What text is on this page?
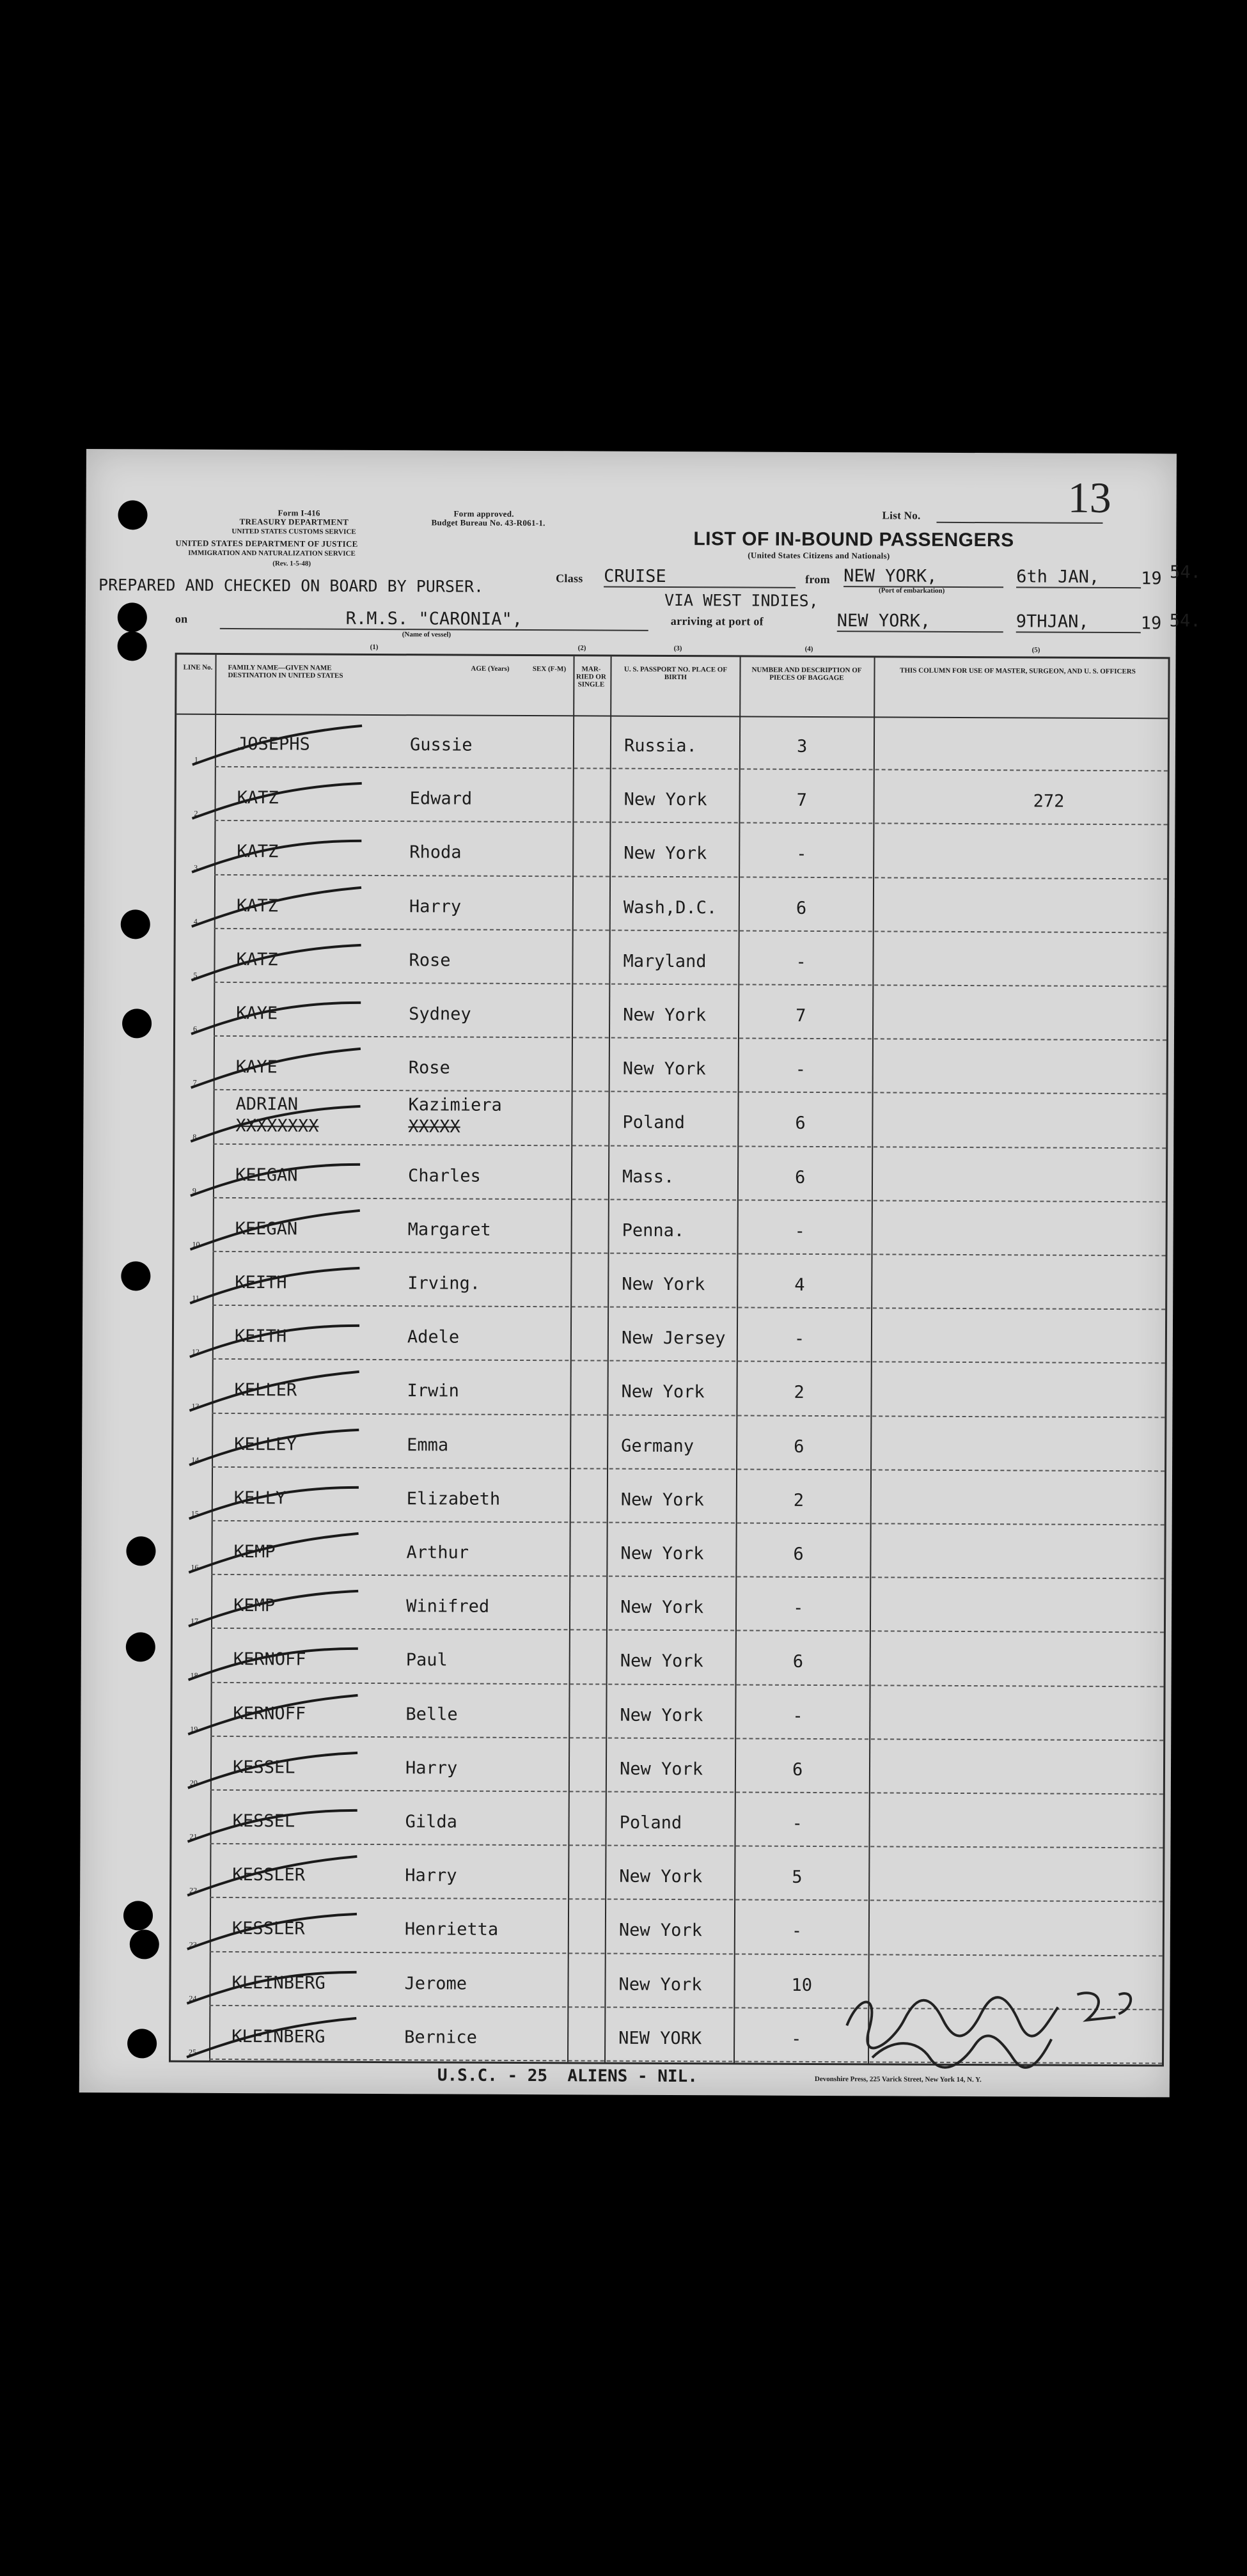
Form I-416
TREASURY DEPARTMENT
UNITED STATES CUSTOMS SERVICE
UNITED STATES DEPARTMENT OF JUSTICE
IMMIGRATION AND NATURALIZATION SERVICE
(Rev. 1-5-48)
Form approved.
Budget Bureau No. 43-R061-1.
List No.	13
LIST OF IN-BOUND PASSENGERS
(United States Citizens and Nationals)
PREPARED AND CHECKED ON BOARD BY PURSER.	Class CRUISE	from NEW YORK,	6th JAN,	19 54.
VIA WEST INDIES,
(Port of embarkation)
on	R.M.S. "CARONIA",
(Name of vessel)
arriving at port of	NEW YORK,	9THJAN,	19 54.
(1)	(2)	(3)	(4)	(5)
LINE No. FAMILY NAME—GIVEN NAME
DESTINATION IN UNITED STATES
AGE (Years)	SEX (F-M)	MAR-RIED OR SINGLE
U. S. PASSPORT NO. PLACE OF BIRTH
NUMBER AND DESCRIPTION OF PIECES OF BAGGAGE
THIS COLUMN FOR USE OF MASTER, SURGEON, AND U. S. OFFICERS
1
JOSEPHS	Gussie	Russia.	3
2
KATZ	Edward	New York	7	272
3
KATZ	Rhoda	New York	-
4
KATZ	Harry	Wash,D.C.	6
5
KATZ	Rose	Maryland	-
6
KAYE	Sydney	New York	7
7
KAYE	Rose	New York	-
8
ADRIAN	Kazimiera
XXXXXXXX	XXXXX	Poland	6
9
KEEGAN	Charles	Mass.	6
10
KEEGAN	Margaret	Penna.	-
11
KEITH	Irving.	New York	4
12
KEITH	Adele	New Jersey	-
13
KELLER	Irwin	New York	2
14
KELLEY	Emma	Germany	6
15
KELLY	Elizabeth	New York	2
16
KEMP	Arthur	New York	6
17
KEMP	Winifred	New York	-
18
KERNOFF	Paul	New York	6
19
KERNOFF	Belle	New York	-
20
KESSEL	Harry	New York	6
21
KESSEL	Gilda	Poland	-
22
KESSLER	Harry	New York	5
23
KESSLER	Henrietta	New York	-
24
KLEINBERG	Jerome	New York	10
25
KLEINBERG	Bernice	NEW YORK	-
U.S.C. - 25  ALIENS - NIL.	Devonshire Press, 225 Varick Street, New York 14, N. Y.
